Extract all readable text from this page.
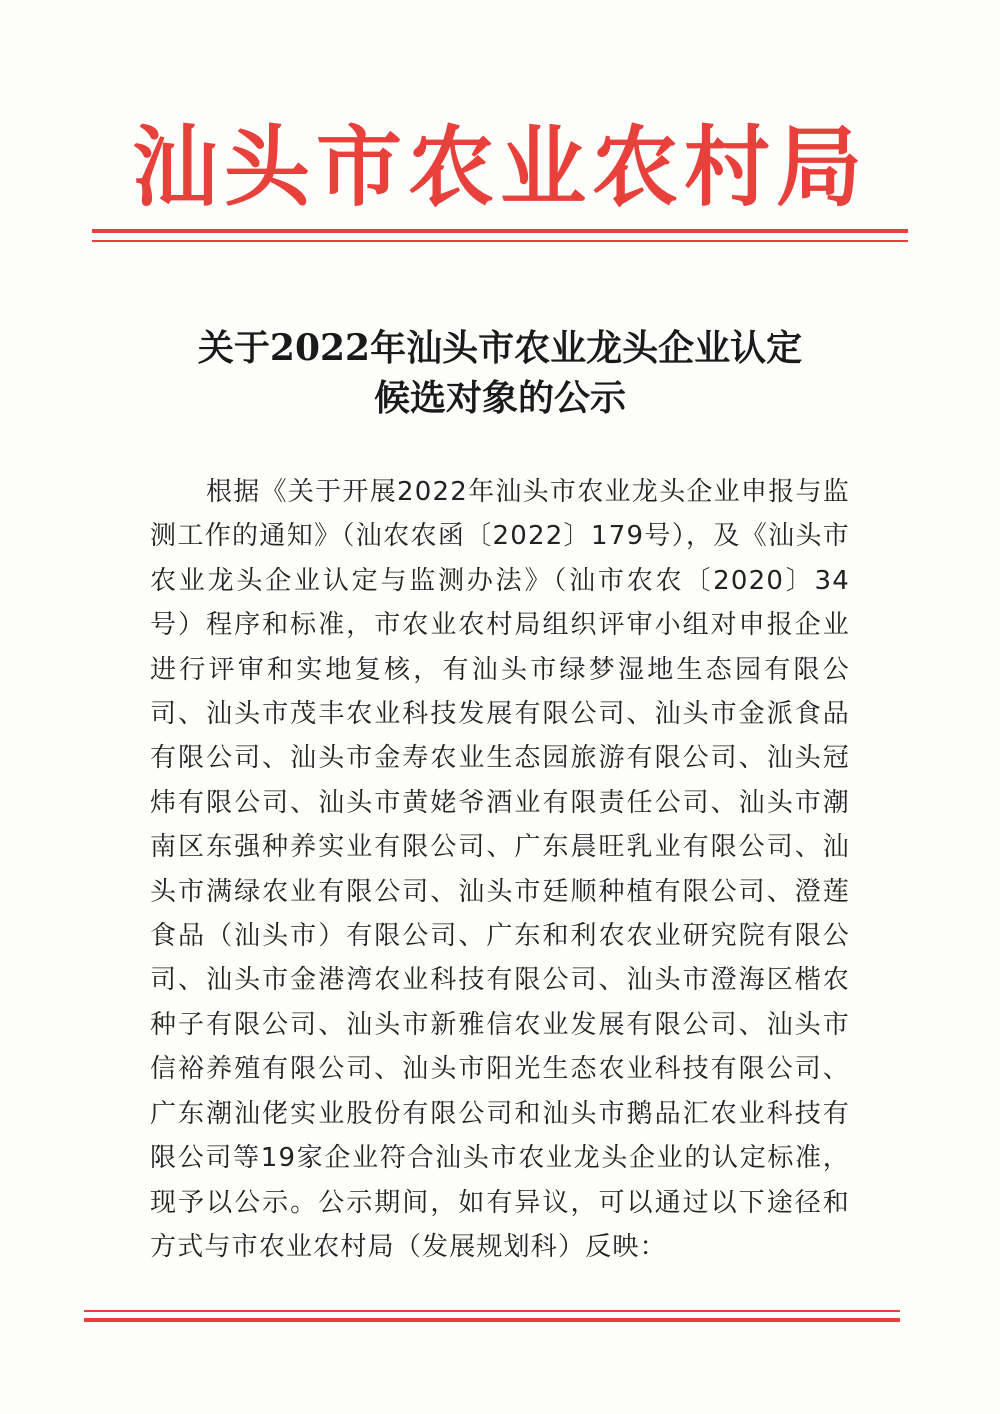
汕头市农业农村局
关于2022年汕头市农业龙头企业认定
候选对象的公示
根据《关于开展2022年汕头市农业龙头企业申报与监测工作的通知》（汕农农函〔2022〕179号），及《汕头市农业龙头企业认定与监测办法》（汕市农农〔2020〕34号）程序和标准，市农业农村局组织评审小组对申报企业进行评审和实地复核，有汕头市绿梦湿地生态园有限公司、汕头市茂丰农业科技发展有限公司、汕头市金派食品有限公司、汕头市金寿农业生态园旅游有限公司、汕头冠炜有限公司、汕头市黄姥爷酒业有限责任公司、汕头市潮南区东强种养实业有限公司、广东晨旺乳业有限公司、汕头市满绿农业有限公司、汕头市廷顺种植有限公司、澄莲食品（汕头市）有限公司、广东和利农农业研究院有限公司、汕头市金港湾农业科技有限公司、汕头市澄海区楷农种子有限公司、汕头市新雅信农业发展有限公司、汕头市信裕养殖有限公司、汕头市阳光生态农业科技有限公司、广东潮汕佬实业股份有限公司和汕头市鹅品汇农业科技有限公司等19家企业符合汕头市农业龙头企业的认定标准，现予以公示。公示期间，如有异议，可以通过以下途径和方式与市农业农村局（发展规划科）反映：
